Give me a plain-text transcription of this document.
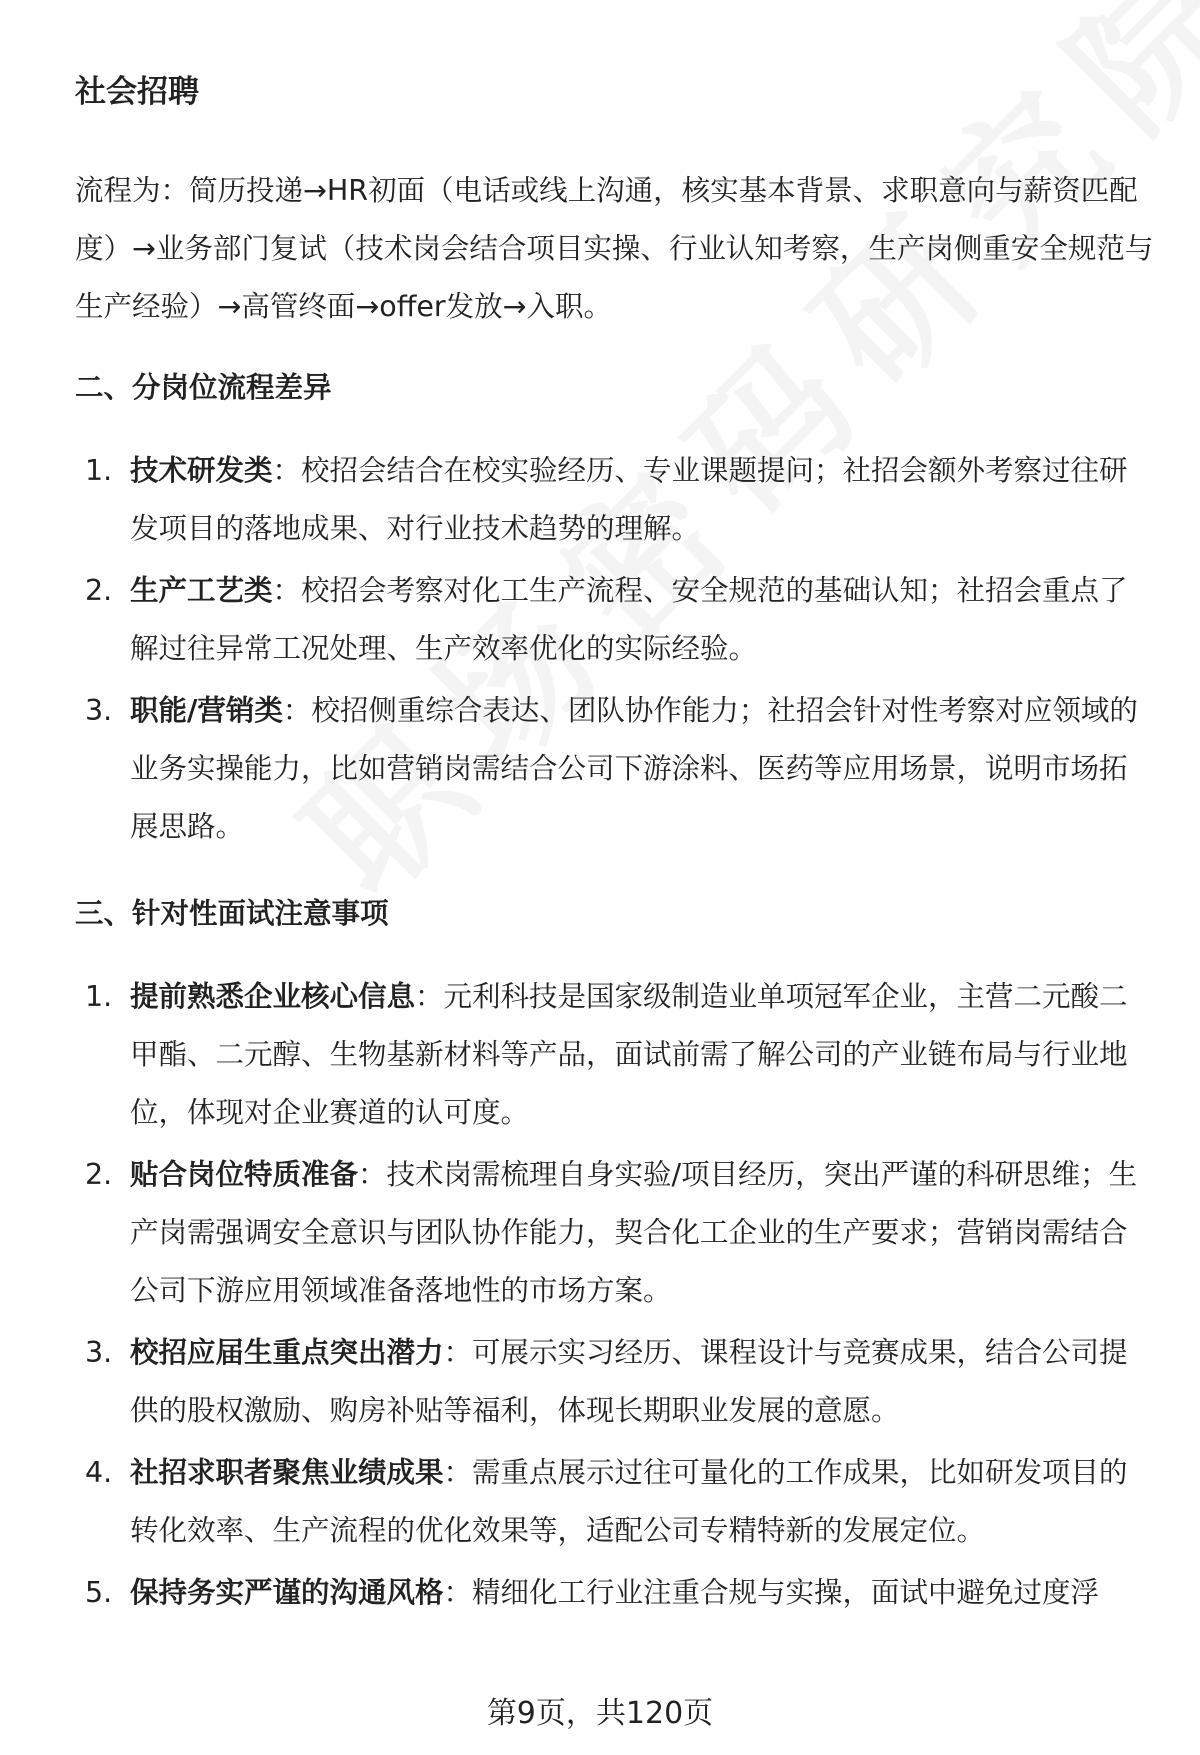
社会招聘

流程为：简历投递→HR初面（电话或线上沟通，核实基本背景、求职意向与薪资匹配度）→业务部门复试（技术岗会结合项目实操、行业认知考察，生产岗侧重安全规范与生产经验）→高管终面→offer发放→入职。

二、分岗位流程差异
1. 技术研发类：校招会结合在校实验经历、专业课题提问；社招会额外考察过往研发项目的落地成果、对行业技术趋势的理解。
2. 生产工艺类：校招会考察对化工生产流程、安全规范的基础认知；社招会重点了解过往异常工况处理、生产效率优化的实际经验。
3. 职能/营销类：校招侧重综合表达、团队协作能力；社招会针对性考察对应领域的业务实操能力，比如营销岗需结合公司下游涂料、医药等应用场景，说明市场拓展思路。
三、针对性面试注意事项
1. 提前熟悉企业核心信息：元利科技是国家级制造业单项冠军企业，主营二元酸二甲酯、二元醇、生物基新材料等产品，面试前需了解公司的产业链布局与行业地位，体现对企业赛道的认可度。
2. 贴合岗位特质准备：技术岗需梳理自身实验/项目经历，突出严谨的科研思维；生产岗需强调安全意识与团队协作能力，契合化工企业的生产要求；营销岗需结合公司下游应用领域准备落地性的市场方案。
3. 校招应届生重点突出潜力：可展示实习经历、课程设计与竞赛成果，结合公司提供的股权激励、购房补贴等福利，体现长期职业发展的意愿。
4. 社招求职者聚焦业绩成果：需重点展示过往可量化的工作成果，比如研发项目的转化效率、生产流程的优化效果等，适配公司专精特新的发展定位。
5. 保持务实严谨的沟通风格：精细化工行业注重合规与实操，面试中避免过度浮
第9页，共120页
